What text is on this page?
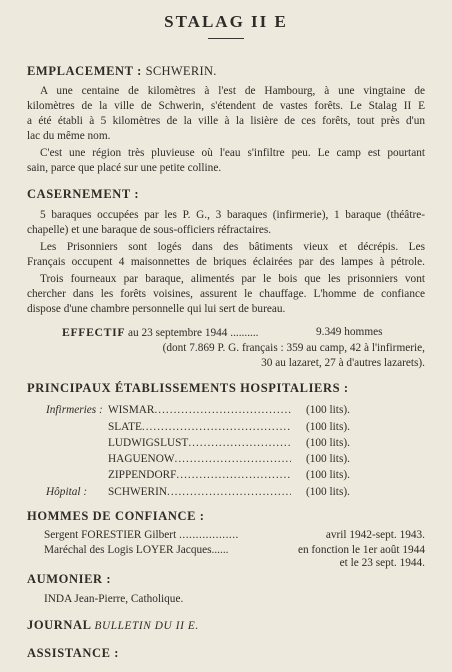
STALAG II E
EMPLACEMENT : SCHWERIN.
A une centaine de kilomètres à l'est de Hambourg, à une vingtaine de
kilomètres de la ville de Schwerin, s'étendent de vastes forêts. Le Stalag II E
a été établi à 5 kilomètres de la ville à la lisière de ces forêts, tout près d'un
lac du même nom.
C'est une région très pluvieuse où l'eau s'infiltre peu. Le camp est pourtant
sain, parce que placé sur une petite colline.
CASERNEMENT :
5 baraques occupées par les P. G., 3 baraques (infirmerie), 1 baraque (théâtre-
chapelle) et une baraque de sous-officiers réfractaires.
Les Prisonniers sont logés dans des bâtiments vieux et décrépis. Les
Français occupent 4 maisonnettes de briques éclairées par des lampes à pétrole.
Trois fourneaux par baraque, alimentés par le bois que les prisonniers vont
chercher dans les forêts voisines, assurent le chauffage. L'homme de confiance
dispose d'une chambre personnelle qui lui sert de bureau.
EFFECTIF au 23 septembre 1944 ..........	9.349 hommes
(dont 7.869 P. G. français : 359 au camp, 42 à l'infirmerie,
30 au lazaret, 27 à d'autres lazarets).
PRINCIPAUX ÉTABLISSEMENTS HOSPITALIERS :
Infirmeries : WISMAR .....	(100 lits).
SLATE .....	(100 lits).
LUDWIGSLUST .....	(100 lits).
HAGUENOW .....	(100 lits).
ZIPPENDORF .....	(100 lits).
Hôpital : SCHWERIN .....	(100 lits).
HOMMES DE CONFIANCE :
Sergent FORESTIER Gilbert ..................	avril 1942-sept. 1943.
Maréchal des Logis LOYER Jacques......	en fonction le 1er août 1944
et le 23 sept. 1944.
AUMONIER :
INDA Jean-Pierre, Catholique.
JOURNAL BULLETIN DU II E.
ASSISTANCE :
